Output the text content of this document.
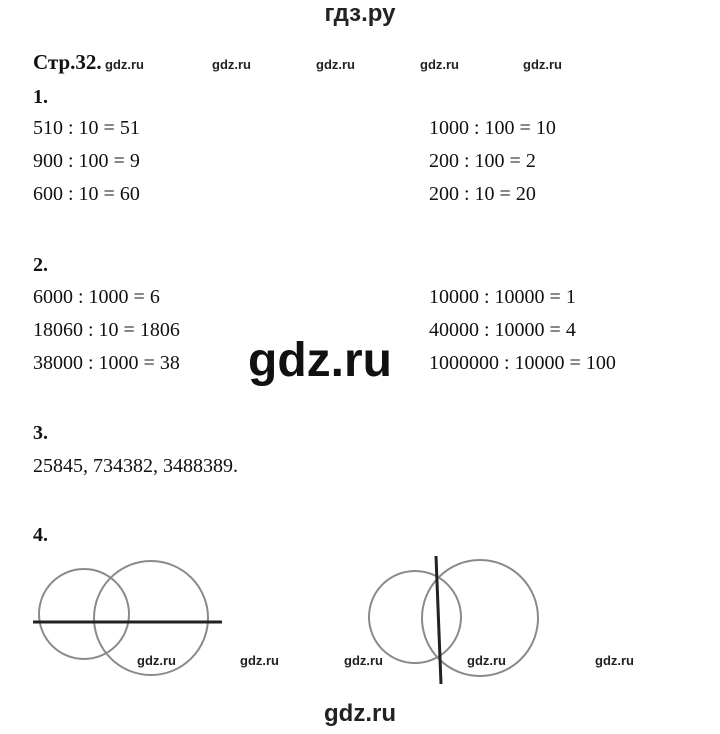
гдз.ру
Стр.32. gdz.ru	gdz.ru	gdz.ru	gdz.ru	gdz.ru
1.
510 : 10 = 51
900 : 100 = 9
600 : 10 = 60
1000 : 100 = 10
200 : 100 = 2
200 : 10 = 20
2.
6000 : 1000 = 6
18060 : 10 = 1806
38000 : 1000 = 38
10000 : 10000 = 1
40000 : 10000 = 4
1000000 : 10000 = 100
gdz.ru
3.
25845, 734382, 3488389.
4.
gdz.ru	gdz.ru	gdz.ru	gdz.ru	gdz.ru
gdz.ru
